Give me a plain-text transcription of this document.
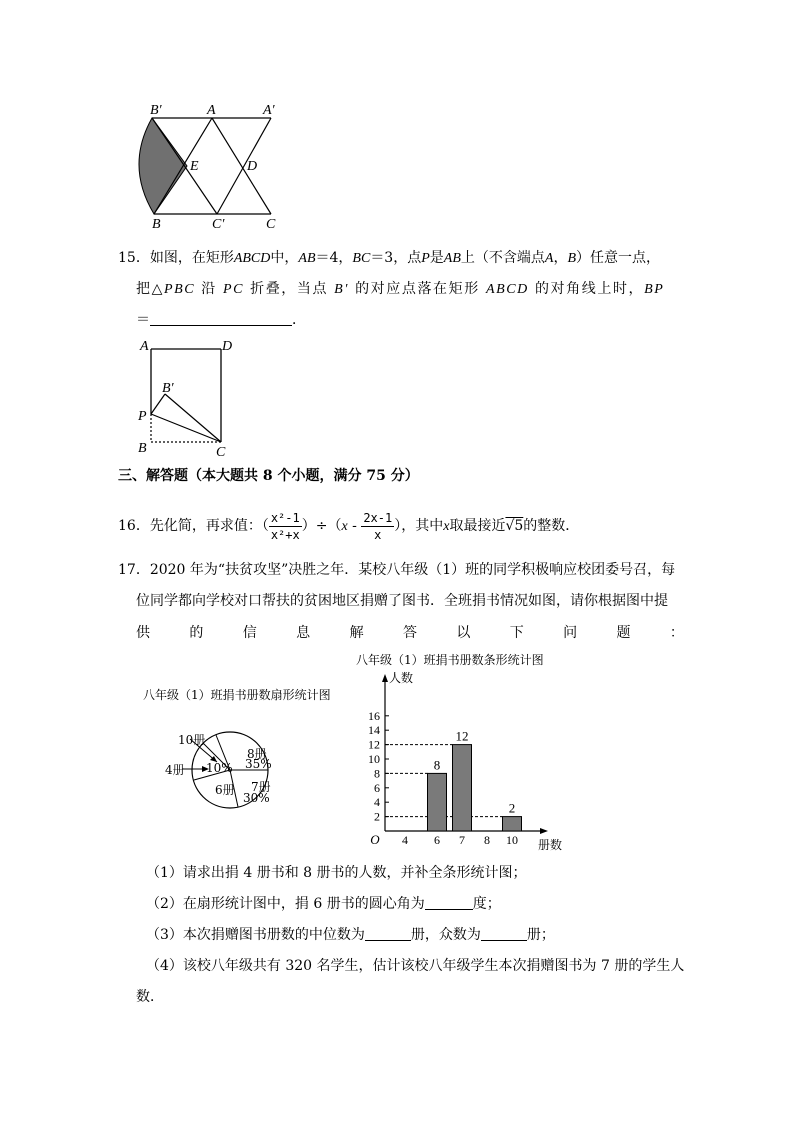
B′	A	A′
E	D
B	C′	C
15．如图，在矩形ABCD中，AB＝4，BC＝3，点P是AB上（不含端点A，B）任意一点，
把△PBC 沿 PC 折叠，当点 B′ 的对应点落在矩形 ABCD 的对角线上时，BP
＝	．
A	D
B′
P
B	C
三、解答题（本大题共 8 个小题，满分 75 分）
16．先化简，再求值：（ $\frac{\text{x²-1}}{\text{x²+x}} )\div(x - \frac{2x-1}{x}$ ），其中x取最接近√5的整数．
17．2020 年为“扶贫攻坚”决胜之年．某校八年级（1）班的同学积极响应校团委号召，每
位同学都向学校对口帮扶的贫困地区捐赠了图书．全班捐书情况如图，请你根据图中提
供	的	信	息	解	答	以	下	问	题	：
八年级（1）班捐书册数扇形统计图
10册
4册 10%
8册
35%
7册
30%
6册
八年级（1）班捐书册数条形统计图
2
4
6
8
10
12
14
16
4
8
6
12
7 8
2
10
O
人数
册数
（1）请求出捐 4 册书和 8 册书的人数，并补全条形统计图；
（2）在扇形统计图中，捐 6 册书的圆心角为	度；
（3）本次捐赠图书册数的中位数为	册，众数为	册；
（4）该校八年级共有 320 名学生，估计该校八年级学生本次捐赠图书为 7 册的学生人
数．
